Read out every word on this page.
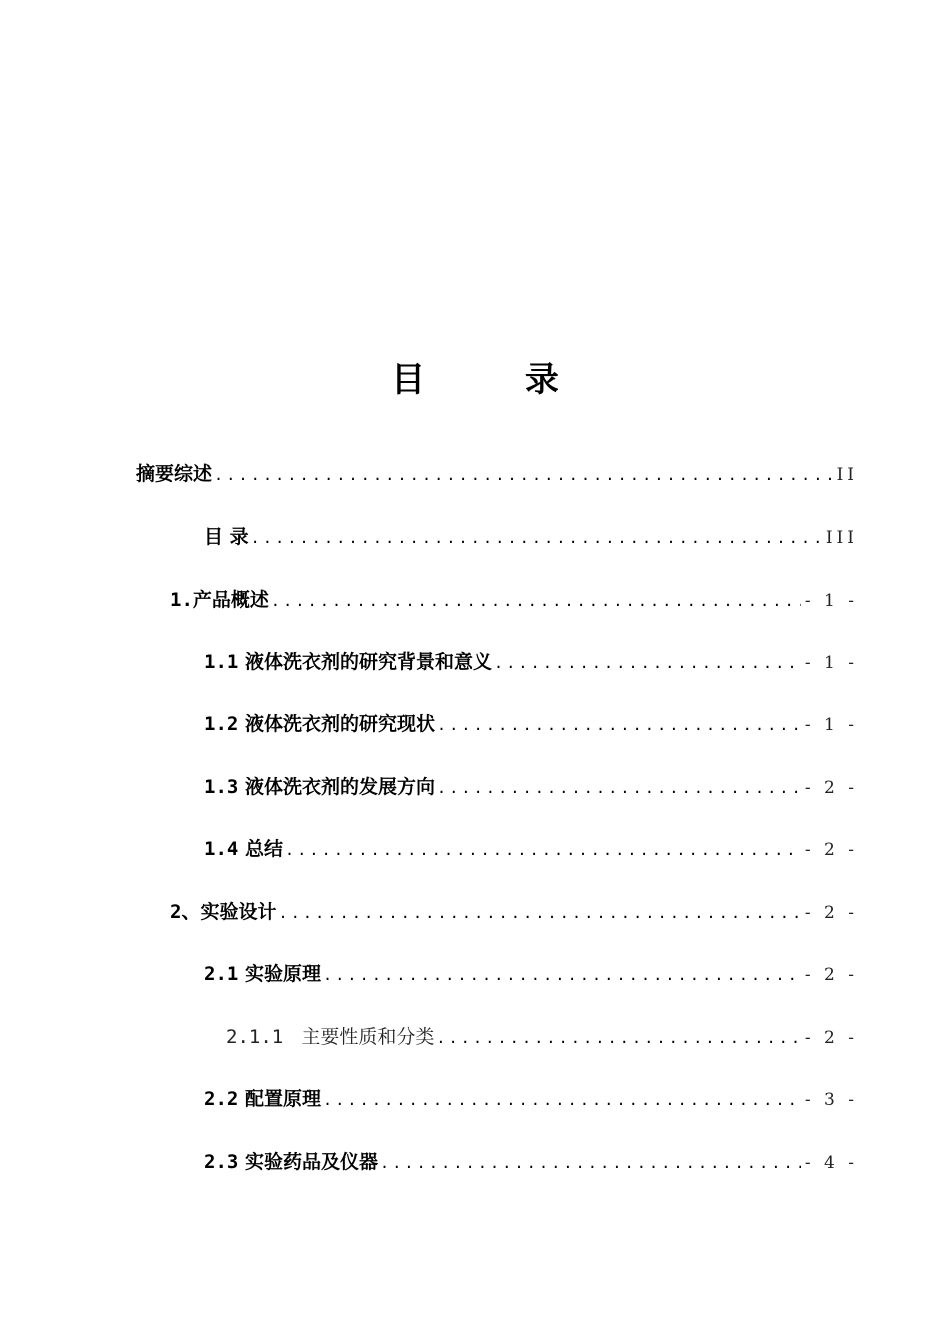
目 录
摘要综述 .....	II
目 录 .....	III
1.产品概述 .....	- 1 -
1.1 液体洗衣剂的研究背景和意义 .....	- 1 -
1.2 液体洗衣剂的研究现状 .....	- 1 -
1.3 液体洗衣剂的发展方向 .....	- 2 -
1.4 总结 .....	- 2 -
2、实验设计 .....	- 2 -
2.1 实验原理 .....	- 2 -
2.1.1 主要性质和分类 .....	- 2 -
2.2 配置原理 .....	- 3 -
2.3 实验药品及仪器 .....	- 4 -
